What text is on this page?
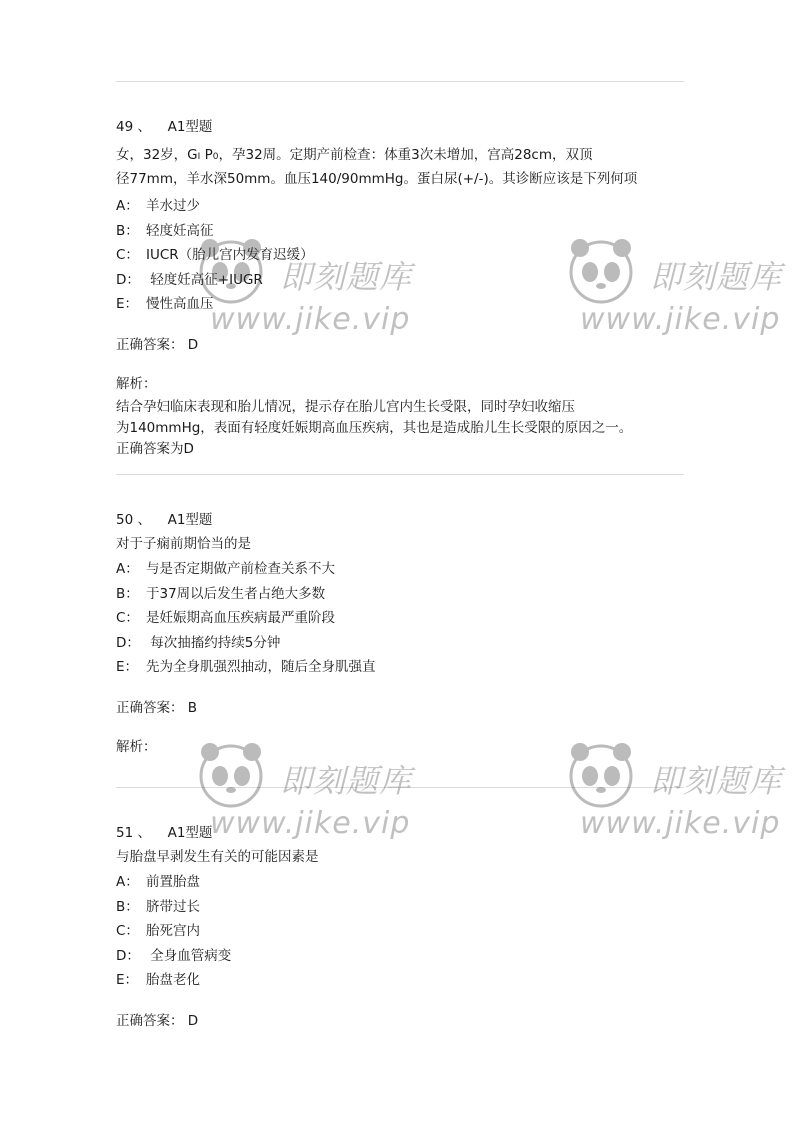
49 、 A1型题
女，32岁，GI P0，孕32周。定期产前检查：体重3次未增加，宫高28cm，双顶
径77mm，羊水深50mm。血压140/90mmHg。蛋白尿(+/-)。其诊断应该是下列何项
A： 羊水过少
B： 轻度妊高征
C： IUCR（胎儿宫内发育迟缓）
D： 轻度妊高征+IUGR
E： 慢性高血压
正确答案： D
解析：
结合孕妇临床表现和胎儿情况，提示存在胎儿宫内生长受限，同时孕妇收缩压
为140mmHg，表面有轻度妊娠期高血压疾病，其也是造成胎儿生长受限的原因之一。
正确答案为D
50 、 A1型题
对于子痫前期恰当的是
A： 与是否定期做产前检查关系不大
B： 于37周以后发生者占绝大多数
C： 是妊娠期高血压疾病最严重阶段
D： 每次抽搐约持续5分钟
E： 先为全身肌强烈抽动，随后全身肌强直
正确答案： B
解析：
51 、 A1型题
与胎盘早剥发生有关的可能因素是
A： 前置胎盘
B： 脐带过长
C： 胎死宫内
D： 全身血管病变
E： 胎盘老化
正确答案： D
即刻题库
www.jike.vip
即刻题库
www.jike.vip
即刻题库
www.jike.vip
即刻题库
www.jike.vip
